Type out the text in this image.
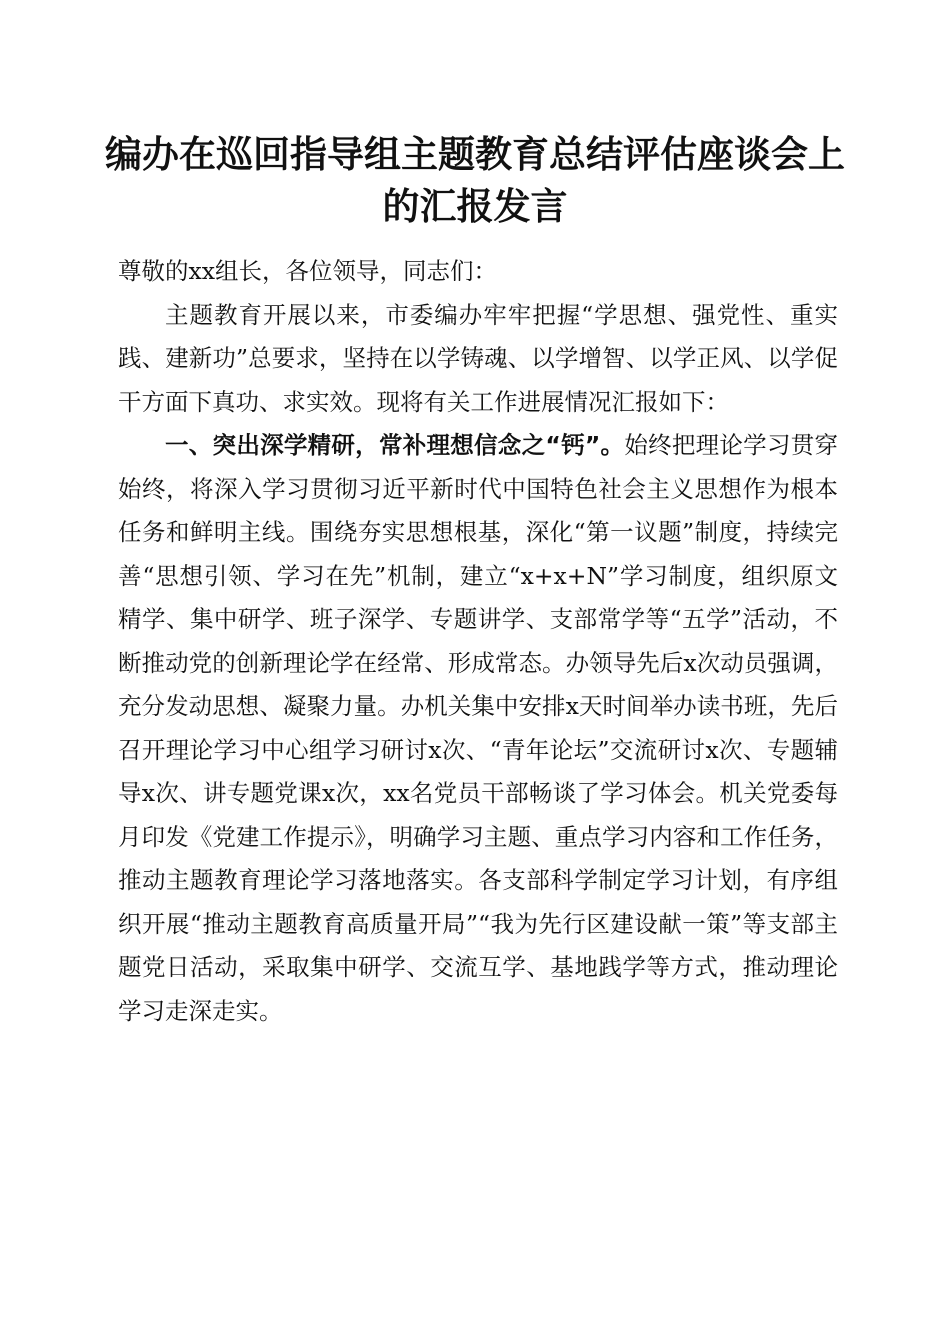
编办在巡回指导组主题教育总结评估座谈会上的汇报发言

尊敬的xx组长，各位领导，同志们：

主题教育开展以来，市委编办牢牢把握“学思想、强党性、重实践、建新功”总要求，坚持在以学铸魂、以学增智、以学正风、以学促干方面下真功、求实效。现将有关工作进展情况汇报如下：

一、突出深学精研，常补理想信念之“钙”。始终把理论学习贯穿始终，将深入学习贯彻习近平新时代中国特色社会主义思想作为根本任务和鲜明主线。围绕夯实思想根基，深化“第一议题”制度，持续完善“思想引领、学习在先”机制，建立“x+x+N”学习制度，组织原文精学、集中研学、班子深学、专题讲学、支部常学等“五学”活动，不断推动党的创新理论学在经常、形成常态。办领导先后x次动员强调，充分发动思想、凝聚力量。办机关集中安排x天时间举办读书班，先后召开理论学习中心组学习研讨x次、“青年论坛”交流研讨x次、专题辅导x次、讲专题党课x次，xx名党员干部畅谈了学习体会。机关党委每月印发《党建工作提示》，明确学习主题、重点学习内容和工作任务，推动主题教育理论学习落地落实。各支部科学制定学习计划，有序组织开展“推动主题教育高质量开局”“我为先行区建设献一策”等支部主题党日活动，采取集中研学、交流互学、基地践学等方式，推动理论学习走深走实。
